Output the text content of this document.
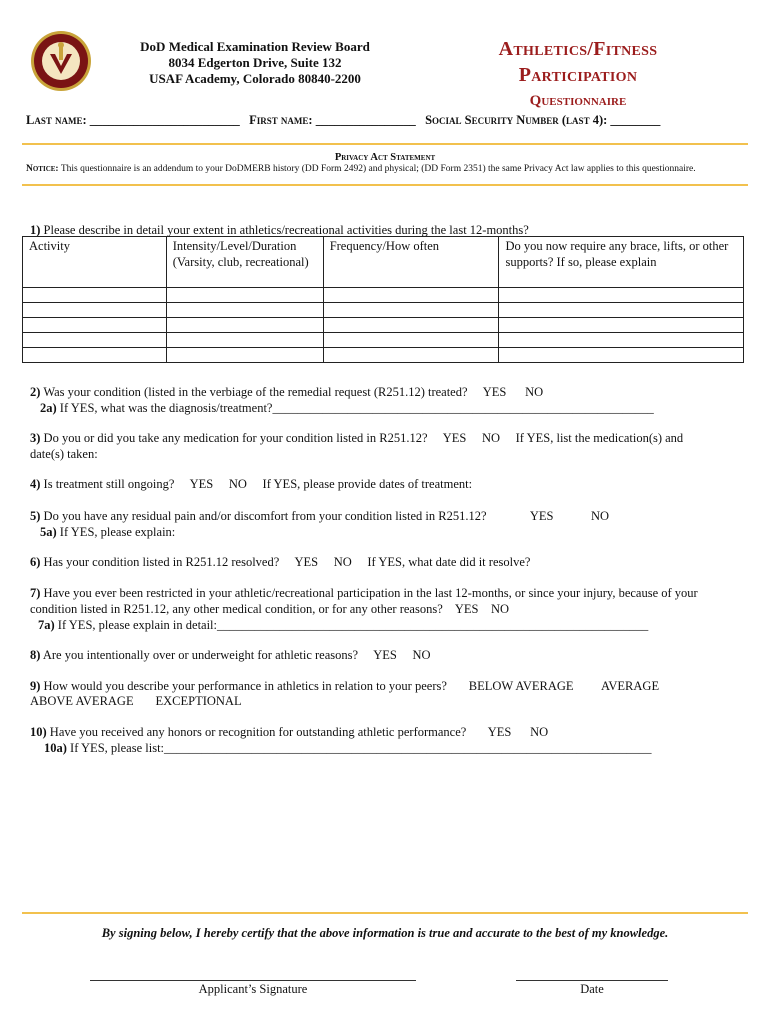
DoD Medical Examination Review Board
8034 Edgerton Drive, Suite 132
USAF Academy, Colorado 80840-2200
Athletics/Fitness
Participation
Questionnaire
Last name: ________________________ First name: ________________ Social Security Number (last 4): ________
Privacy Act Statement
Notice: This questionnaire is an addendum to your DoDMERB history (DD Form 2492) and physical; (DD Form 2351) the same Privacy Act law applies to this questionnaire.
1) Please describe in detail your extent in athletics/recreational activities during the last 12-months?
Activity	Intensity/Level/Duration (Varsity, club, recreational)	Frequency/How often	Do you now require any brace, lifts, or other supports? If so, please explain

2) Was your condition (listed in the verbiage of the remedial request (R251.12) treated? YES NO
2a) If YES, what was the diagnosis/treatment?_____________________________________________________________
3) Do you or did you take any medication for your condition listed in R251.12? YES NO If YES, list the medication(s) and
date(s) taken:
4) Is treatment still ongoing? YES NO If YES, please provide dates of treatment:
5) Do you have any residual pain and/or discomfort from your condition listed in R251.12?	YES	NO
5a) If YES, please explain:
6) Has your condition listed in R251.12 resolved? YES NO If YES, what date did it resolve?
7) Have you ever been restricted in your athletic/recreational participation in the last 12-months, or since your injury, because of your
condition listed in R251.12, any other medical condition, or for any other reasons? YES NO
7a) If YES, please explain in detail:_____________________________________________________________________
8) Are you intentionally over or underweight for athletic reasons? YES NO
9) How would you describe your performance in athletics in relation to your peers? BELOW AVERAGE AVERAGE
ABOVE AVERAGE EXCEPTIONAL
10) Have you received any honors or recognition for outstanding athletic performance? YES NO
10a) If YES, please list:______________________________________________________________________________
By signing below, I hereby certify that the above information is true and accurate to the best of my knowledge.
Applicant’s Signature	Date
